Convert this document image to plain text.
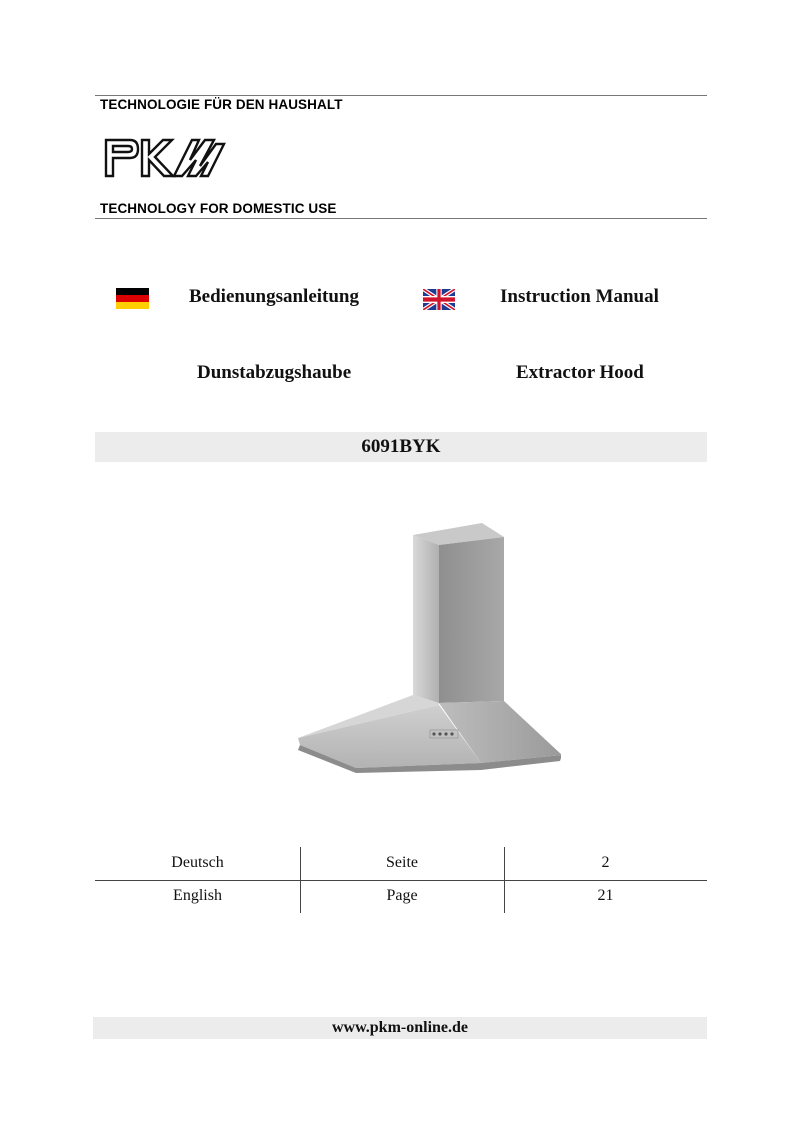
TECHNOLOGIE FÜR DEN HAUSHALT
TECHNOLOGY FOR DOMESTIC USE
Bedienungsanleitung	Instruction Manual
Dunstabzugshaube	Extractor Hood
6091BYK
Deutsch	Seite	2
English	Page	21
www.pkm-online.de
